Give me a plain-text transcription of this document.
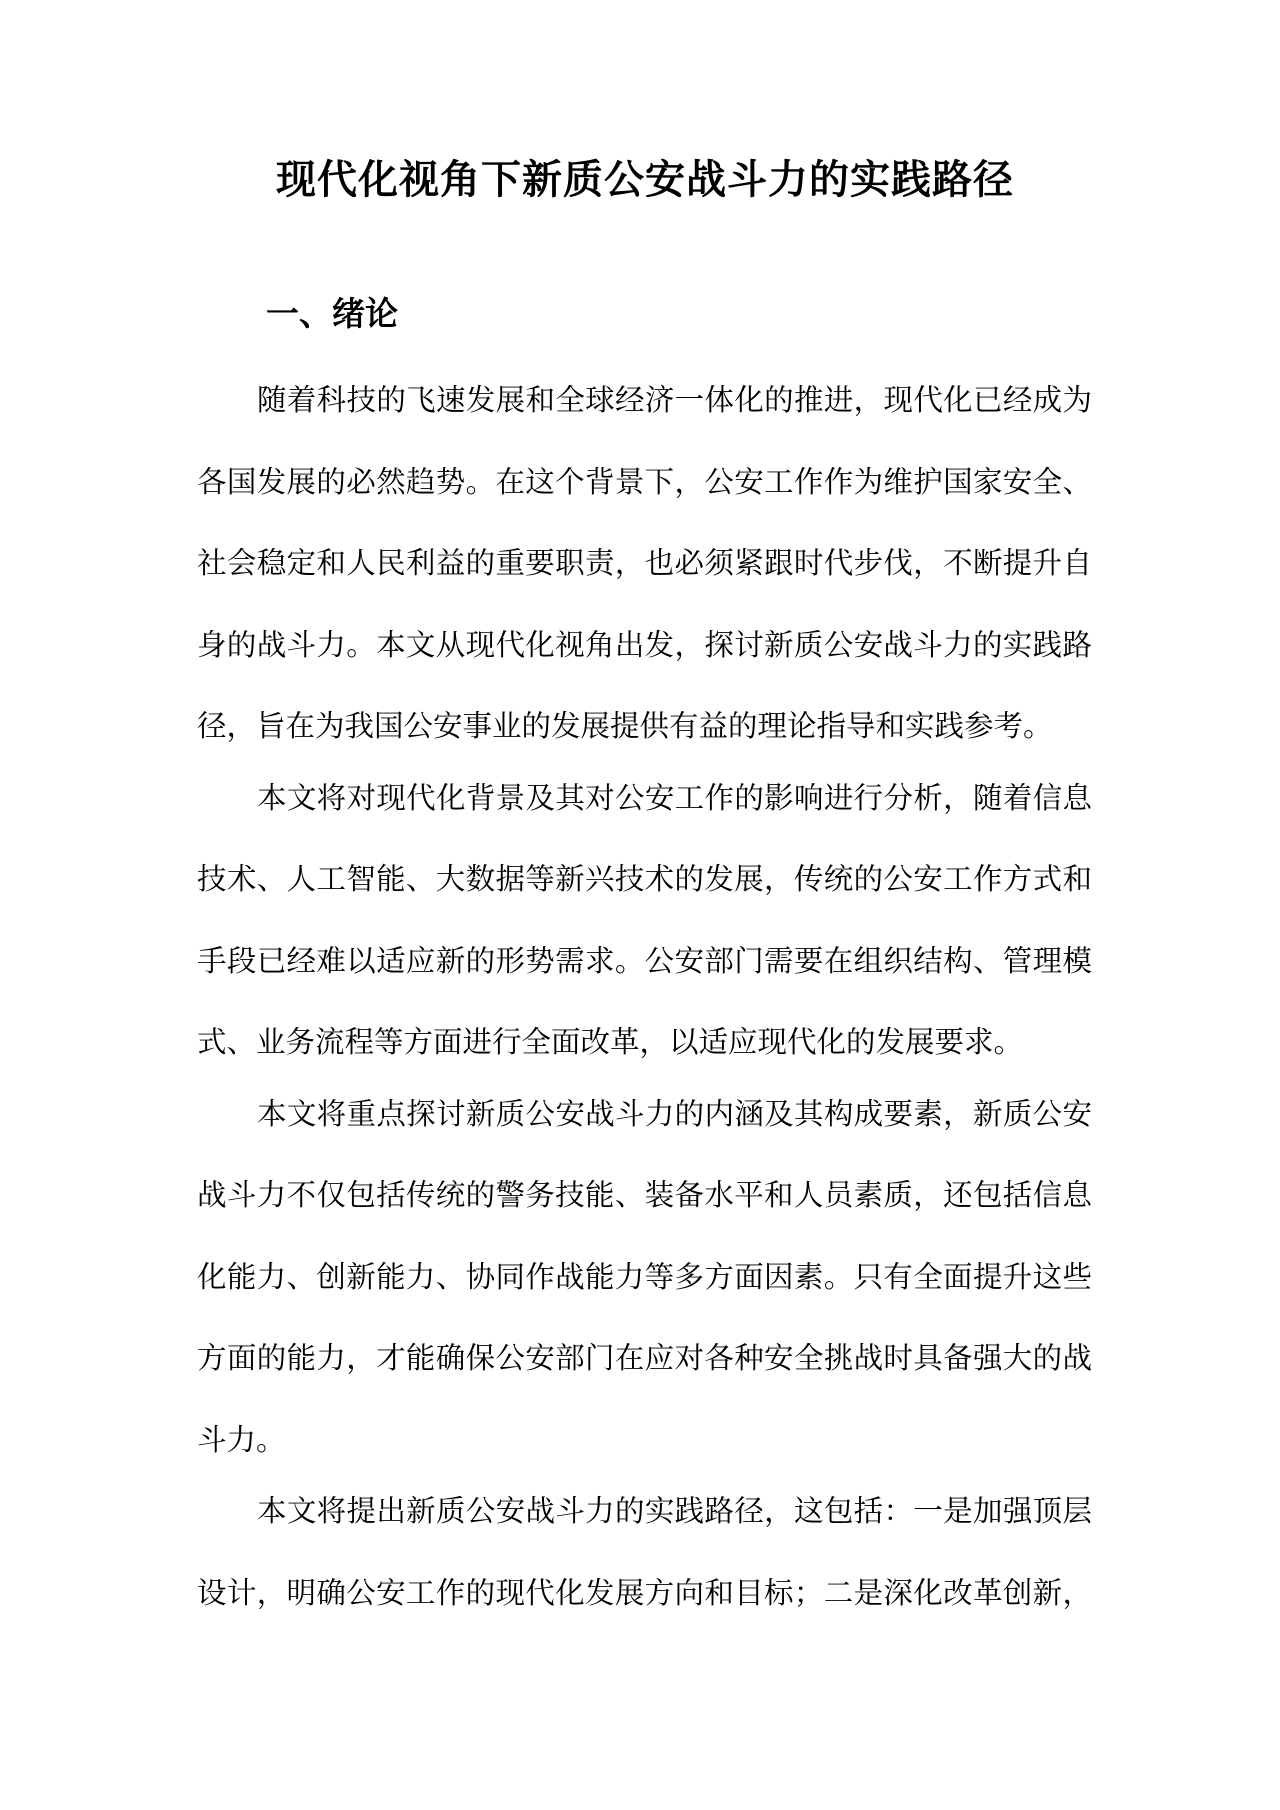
现代化视角下新质公安战斗力的实践路径
一、绪论
随着科技的飞速发展和全球经济一体化的推进，现代化已经成为
各国发展的必然趋势。在这个背景下，公安工作作为维护国家安全、
社会稳定和人民利益的重要职责，也必须紧跟时代步伐，不断提升自
身的战斗力。本文从现代化视角出发，探讨新质公安战斗力的实践路
径，旨在为我国公安事业的发展提供有益的理论指导和实践参考。
本文将对现代化背景及其对公安工作的影响进行分析，随着信息
技术、人工智能、大数据等新兴技术的发展，传统的公安工作方式和
手段已经难以适应新的形势需求。公安部门需要在组织结构、管理模
式、业务流程等方面进行全面改革，以适应现代化的发展要求。
本文将重点探讨新质公安战斗力的内涵及其构成要素，新质公安
战斗力不仅包括传统的警务技能、装备水平和人员素质，还包括信息
化能力、创新能力、协同作战能力等多方面因素。只有全面提升这些
方面的能力，才能确保公安部门在应对各种安全挑战时具备强大的战
斗力。
本文将提出新质公安战斗力的实践路径，这包括：一是加强顶层
设计，明确公安工作的现代化发展方向和目标；二是深化改革创新，
